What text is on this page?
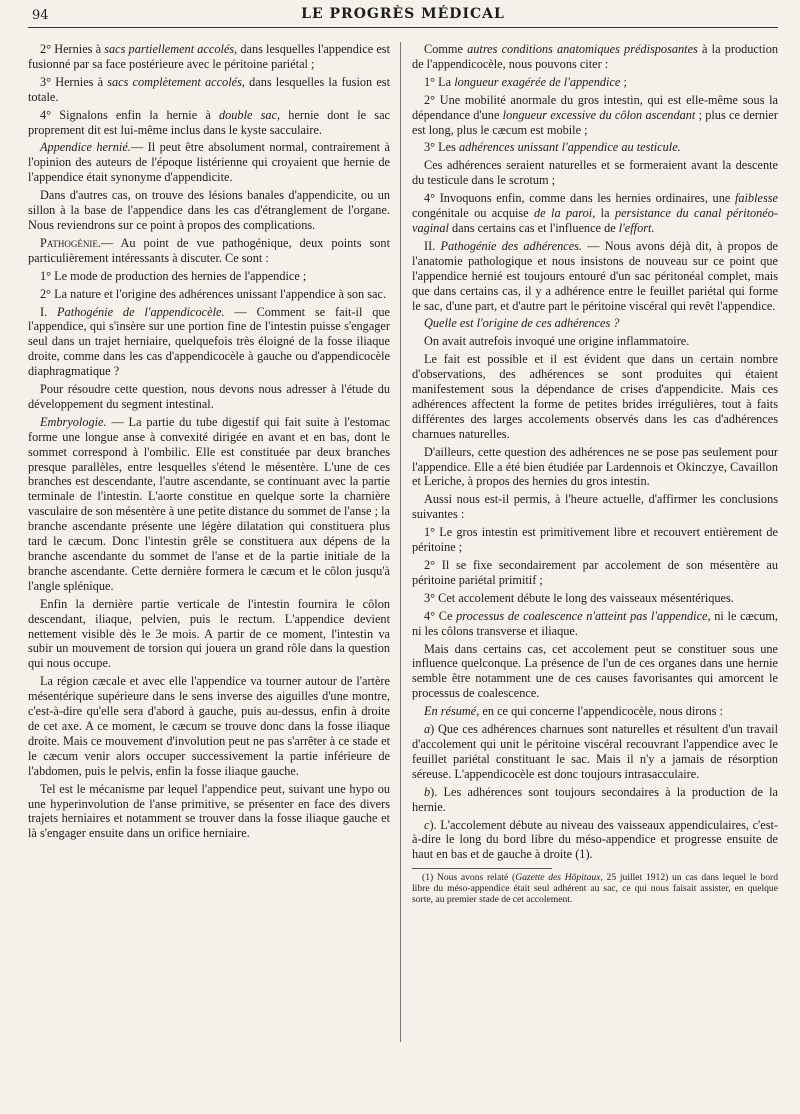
94	LE PROGRÈS MÉDICAL

2° Hernies à sacs partiellement accolés, dans lesquelles l'appendice est fusionné par sa face postérieure avec le péritoine pariétal ;

3° Hernies à sacs complètement accolés, dans lesquelles la fusion est totale.

4° Signalons enfin la hernie à double sac, hernie dont le sac proprement dit est lui-même inclus dans le kyste sacculaire.

Appendice hernié.— Il peut être absolument normal, contrairement à l'opinion des auteurs de l'époque listérienne qui croyaient que hernie de l'appendice était synonyme d'appendicite.

Dans d'autres cas, on trouve des lésions banales d'appendicite, ou un sillon à la base de l'appendice dans les cas d'étranglement de l'organe. Nous reviendrons sur ce point à propos des complications.

Pathogénie.— Au point de vue pathogénique, deux points sont particulièrement intéressants à discuter. Ce sont :

1° Le mode de production des hernies de l'appendice ;

2° La nature et l'origine des adhérences unissant l'appendice à son sac.

I. Pathogénie de l'appendicocèle. — Comment se fait-il que l'appendice, qui s'insère sur une portion fine de l'intestin puisse s'engager seul dans un trajet herniaire, quelquefois très éloigné de la fosse iliaque droite, comme dans les cas d'appendicocèle à gauche ou d'appendicocèle diaphragmatique ?

Pour résoudre cette question, nous devons nous adresser à l'étude du développement du segment intestinal.

Embryologie. — La partie du tube digestif qui fait suite à l'estomac forme une longue anse à convexité dirigée en avant et en bas, dont le sommet correspond à l'ombilic. Elle est constituée par deux branches presque parallèles, entre lesquelles s'étend le mésentère. L'une de ces branches est descendante, l'autre ascendante, se continuant avec la partie terminale de l'intestin. L'aorte constitue en quelque sorte la charnière vasculaire de son mésentère à une petite distance du sommet de l'anse ; la branche ascendante présente une légère dilatation qui constituera plus tard le cæcum. Donc l'intestin grêle se constituera aux dépens de la branche ascendante du sommet de l'anse et de la partie initiale de la branche ascendante. Cette dernière formera le cæcum et le côlon jusqu'à l'angle splénique.

Enfin la dernière partie verticale de l'intestin fournira le côlon descendant, iliaque, pelvien, puis le rectum. L'appendice devient nettement visible dès le 3e mois. A partir de ce moment, l'intestin va subir un mouvement de torsion qui jouera un grand rôle dans la question qui nous occupe.

La région cæcale et avec elle l'appendice va tourner autour de l'artère mésentérique supérieure dans le sens inverse des aiguilles d'une montre, c'est-à-dire qu'elle sera d'abord à gauche, puis au-dessus, enfin à droite de cet axe. A ce moment, le cæcum se trouve donc dans la fosse iliaque droite. Mais ce mouvement d'involution peut ne pas s'arrêter à ce stade et le cæcum venir alors occuper successivement la partie inférieure de l'abdomen, puis le pelvis, enfin la fosse iliaque gauche.

Tel est le mécanisme par lequel l'appendice peut, suivant une hypo ou une hyperinvolution de l'anse primitive, se présenter en face des divers trajets herniaires et notamment se trouver dans la fosse iliaque gauche et là s'engager ensuite dans un orifice herniaire.

Comme autres conditions anatomiques prédisposantes à la production de l'appendicocèle, nous pouvons citer :

1° La longueur exagérée de l'appendice ;

2° Une mobilité anormale du gros intestin, qui est elle-même sous la dépendance d'une longueur excessive du côlon ascendant ; plus ce dernier est long, plus le cæcum est mobile ;

3° Les adhérences unissant l'appendice au testicule.

Ces adhérences seraient naturelles et se formeraient avant la descente du testicule dans le scrotum ;

4° Invoquons enfin, comme dans les hernies ordinaires, une faiblesse congénitale ou acquise de la paroi, la persistance du canal péritonéo-vaginal dans certains cas et l'influence de l'effort.

II. Pathogénie des adhérences. — Nous avons déjà dit, à propos de l'anatomie pathologique et nous insistons de nouveau sur ce point que l'appendice hernié est toujours entouré d'un sac péritonéal complet, mais que dans certains cas, il y a adhérence entre le feuillet pariétal qui forme le sac, d'une part, et d'autre part le péritoine viscéral qui revêt l'appendice.

Quelle est l'origine de ces adhérences ?

On avait autrefois invoqué une origine inflammatoire.

Le fait est possible et il est évident que dans un certain nombre d'observations, des adhérences se sont produites qui étaient manifestement sous la dépendance de crises d'appendicite. Mais ces adhérences affectent la forme de petites brides irrégulières, tout à faits différentes des larges accolements observés dans les cas d'adhérences charnues naturelles.

D'ailleurs, cette question des adhérences ne se pose pas seulement pour l'appendice. Elle a été bien étudiée par Lardennois et Okinczye, Cavaillon et Leriche, à propos des hernies du gros intestin.

Aussi nous est-il permis, à l'heure actuelle, d'affirmer les conclusions suivantes :

1° Le gros intestin est primitivement libre et recouvert entièrement de péritoine ;

2° Il se fixe secondairement par accolement de son mésentère au péritoine pariétal primitif ;

3° Cet accolement débute le long des vaisseaux mésentériques.

4° Ce processus de coalescence n'atteint pas l'appendice, ni le cæcum, ni les côlons transverse et iliaque.

Mais dans certains cas, cet accolement peut se constituer sous une influence quelconque. La présence de l'un de ces organes dans une hernie semble être notamment une de ces causes favorisantes qui amorcent le processus de coalescence.

En résumé, en ce qui concerne l'appendicocèle, nous dirons :

a) Que ces adhérences charnues sont naturelles et résultent d'un travail d'accolement qui unit le péritoine viscéral recouvrant l'appendice avec le feuillet pariétal constituant le sac. Mais il n'y a jamais de résorption séreuse. L'appendicocèle est donc toujours intrasacculaire.

b). Les adhérences sont toujours secondaires à la production de la hernie.

c). L'accolement débute au niveau des vaisseaux appendiculaires, c'est-à-dire le long du bord libre du méso-appendice et progresse ensuite de haut en bas et de gauche à droite (1).

(1) Nous avons relaté (Gazette des Hôpitaux, 25 juillet 1912) un cas dans lequel le bord libre du méso-appendice était seul adhérent au sac, ce qui nous faisait assister, en quelque sorte, au premier stade de cet accolement.
